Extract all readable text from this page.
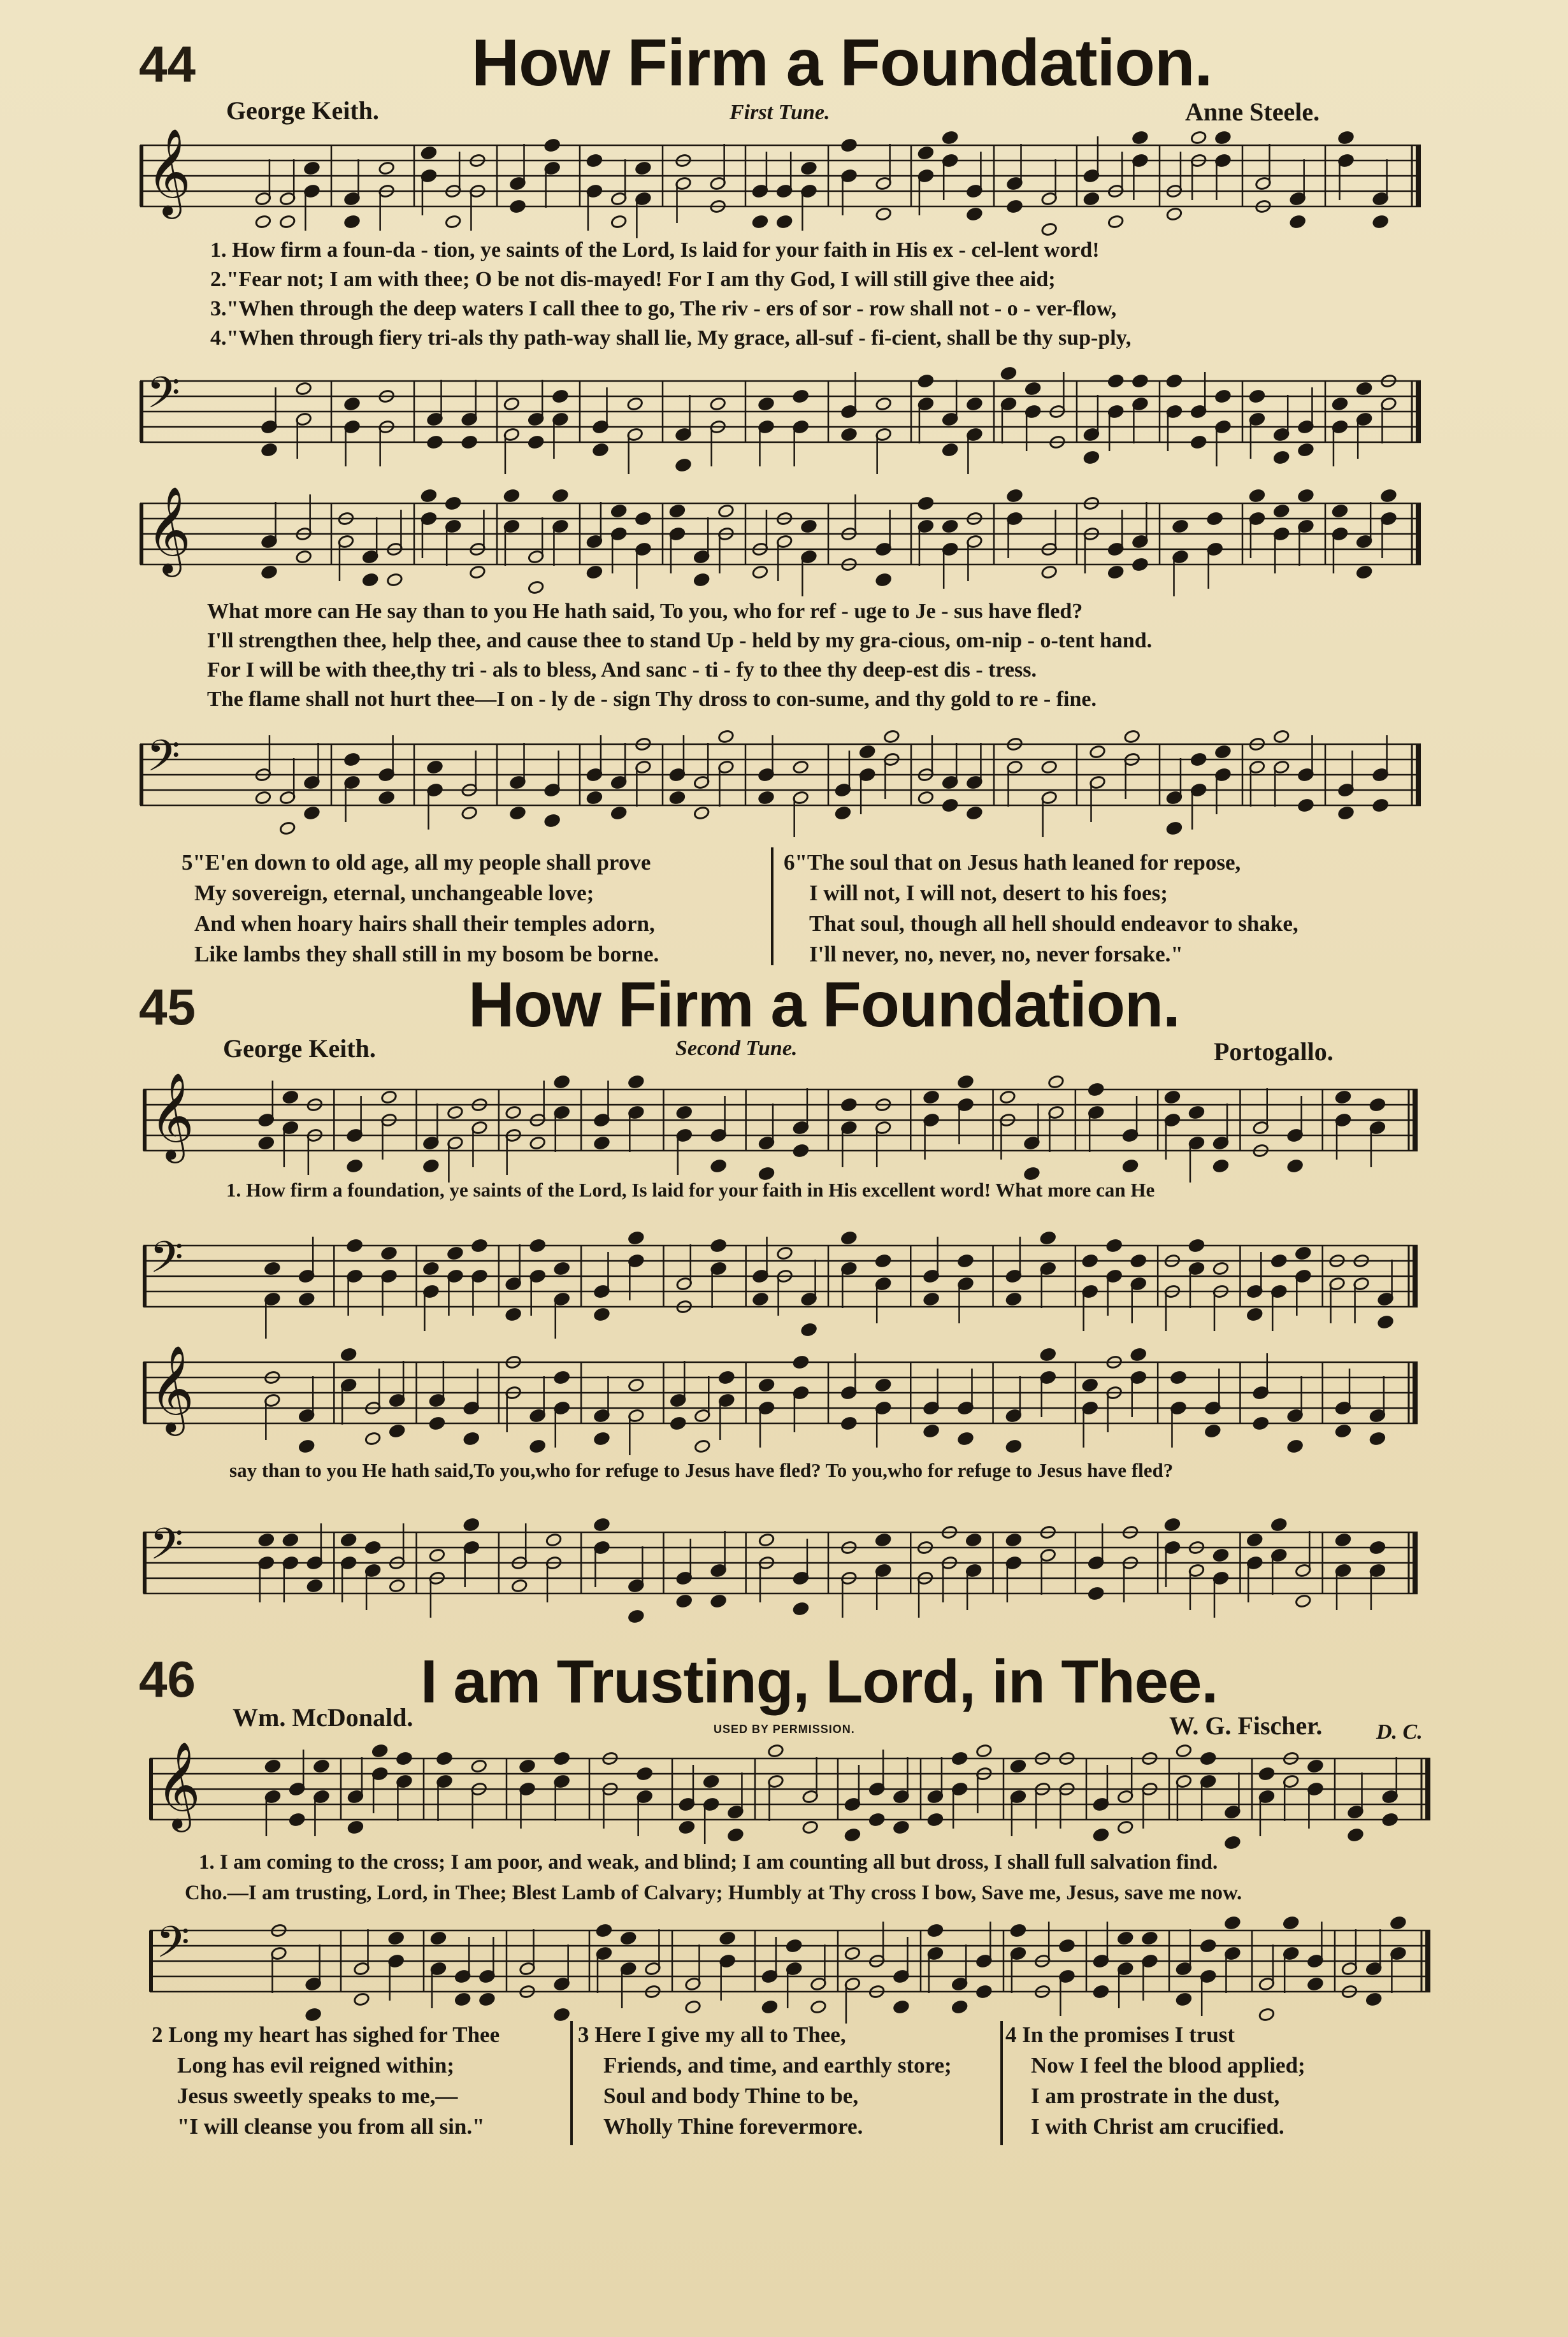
44	How Firm a Foundation.
George Keith.	First Tune.	Anne Steele.
𝄞
1. How firm a foun-da - tion, ye saints of the Lord, Is laid for your faith in His ex - cel-lent word!
2."Fear not; I am with thee; O be not dis-mayed! For I am thy God, I will still give thee aid;
3."When through the deep waters I call thee to go, The riv - ers of sor - row shall not - o - ver-flow,
4."When through fiery tri-als thy path-way shall lie, My grace, all-suf - fi-cient, shall be thy sup-ply,
𝄢
𝄞
What more can He say than to you He hath said, To you, who for ref - uge to Je - sus have fled?
I'll strengthen thee, help thee, and cause thee to stand Up - held by my gra-cious, om-nip - o-tent hand.
For I will be with thee,thy tri - als to bless, And sanc - ti - fy to thee thy deep-est dis - tress.
The flame shall not hurt thee—I on - ly de - sign Thy dross to con-sume, and thy gold to re - fine.
𝄢
5"E'en down to old age, all my people shall prove
My sovereign, eternal, unchangeable love;
And when hoary hairs shall their temples adorn,
Like lambs they shall still in my bosom be borne.
6"The soul that on Jesus hath leaned for repose,
I will not, I will not, desert to his foes;
That soul, though all hell should endeavor to shake,
I'll never, no, never, no, never forsake."
45	How Firm a Foundation.
George Keith.	Second Tune.	Portogallo.
𝄞
1. How firm a foundation, ye saints of the Lord, Is laid for your faith in His excellent word! What more can He
𝄢
𝄞
say than to you He hath said,To you,who for refuge to Jesus have fled? To you,who for refuge to Jesus have fled?
𝄢
46	I am Trusting, Lord, in Thee.
Wm. McDonald.	USED BY PERMISSION.	W. G. Fischer. D. C.
𝄞
1. I am coming to the cross; I am poor, and weak, and blind; I am counting all but dross, I shall full salvation find.
Cho.—I am trusting, Lord, in Thee; Blest Lamb of Calvary; Humbly at Thy cross I bow, Save me, Jesus, save me now.
𝄢
2 Long my heart has sighed for Thee
Long has evil reigned within;
Jesus sweetly speaks to me,—
"I will cleanse you from all sin."
3 Here I give my all to Thee,
Friends, and time, and earthly store;
Soul and body Thine to be,
Wholly Thine forevermore.
4 In the promises I trust
Now I feel the blood applied;
I am prostrate in the dust,
I with Christ am crucified.
